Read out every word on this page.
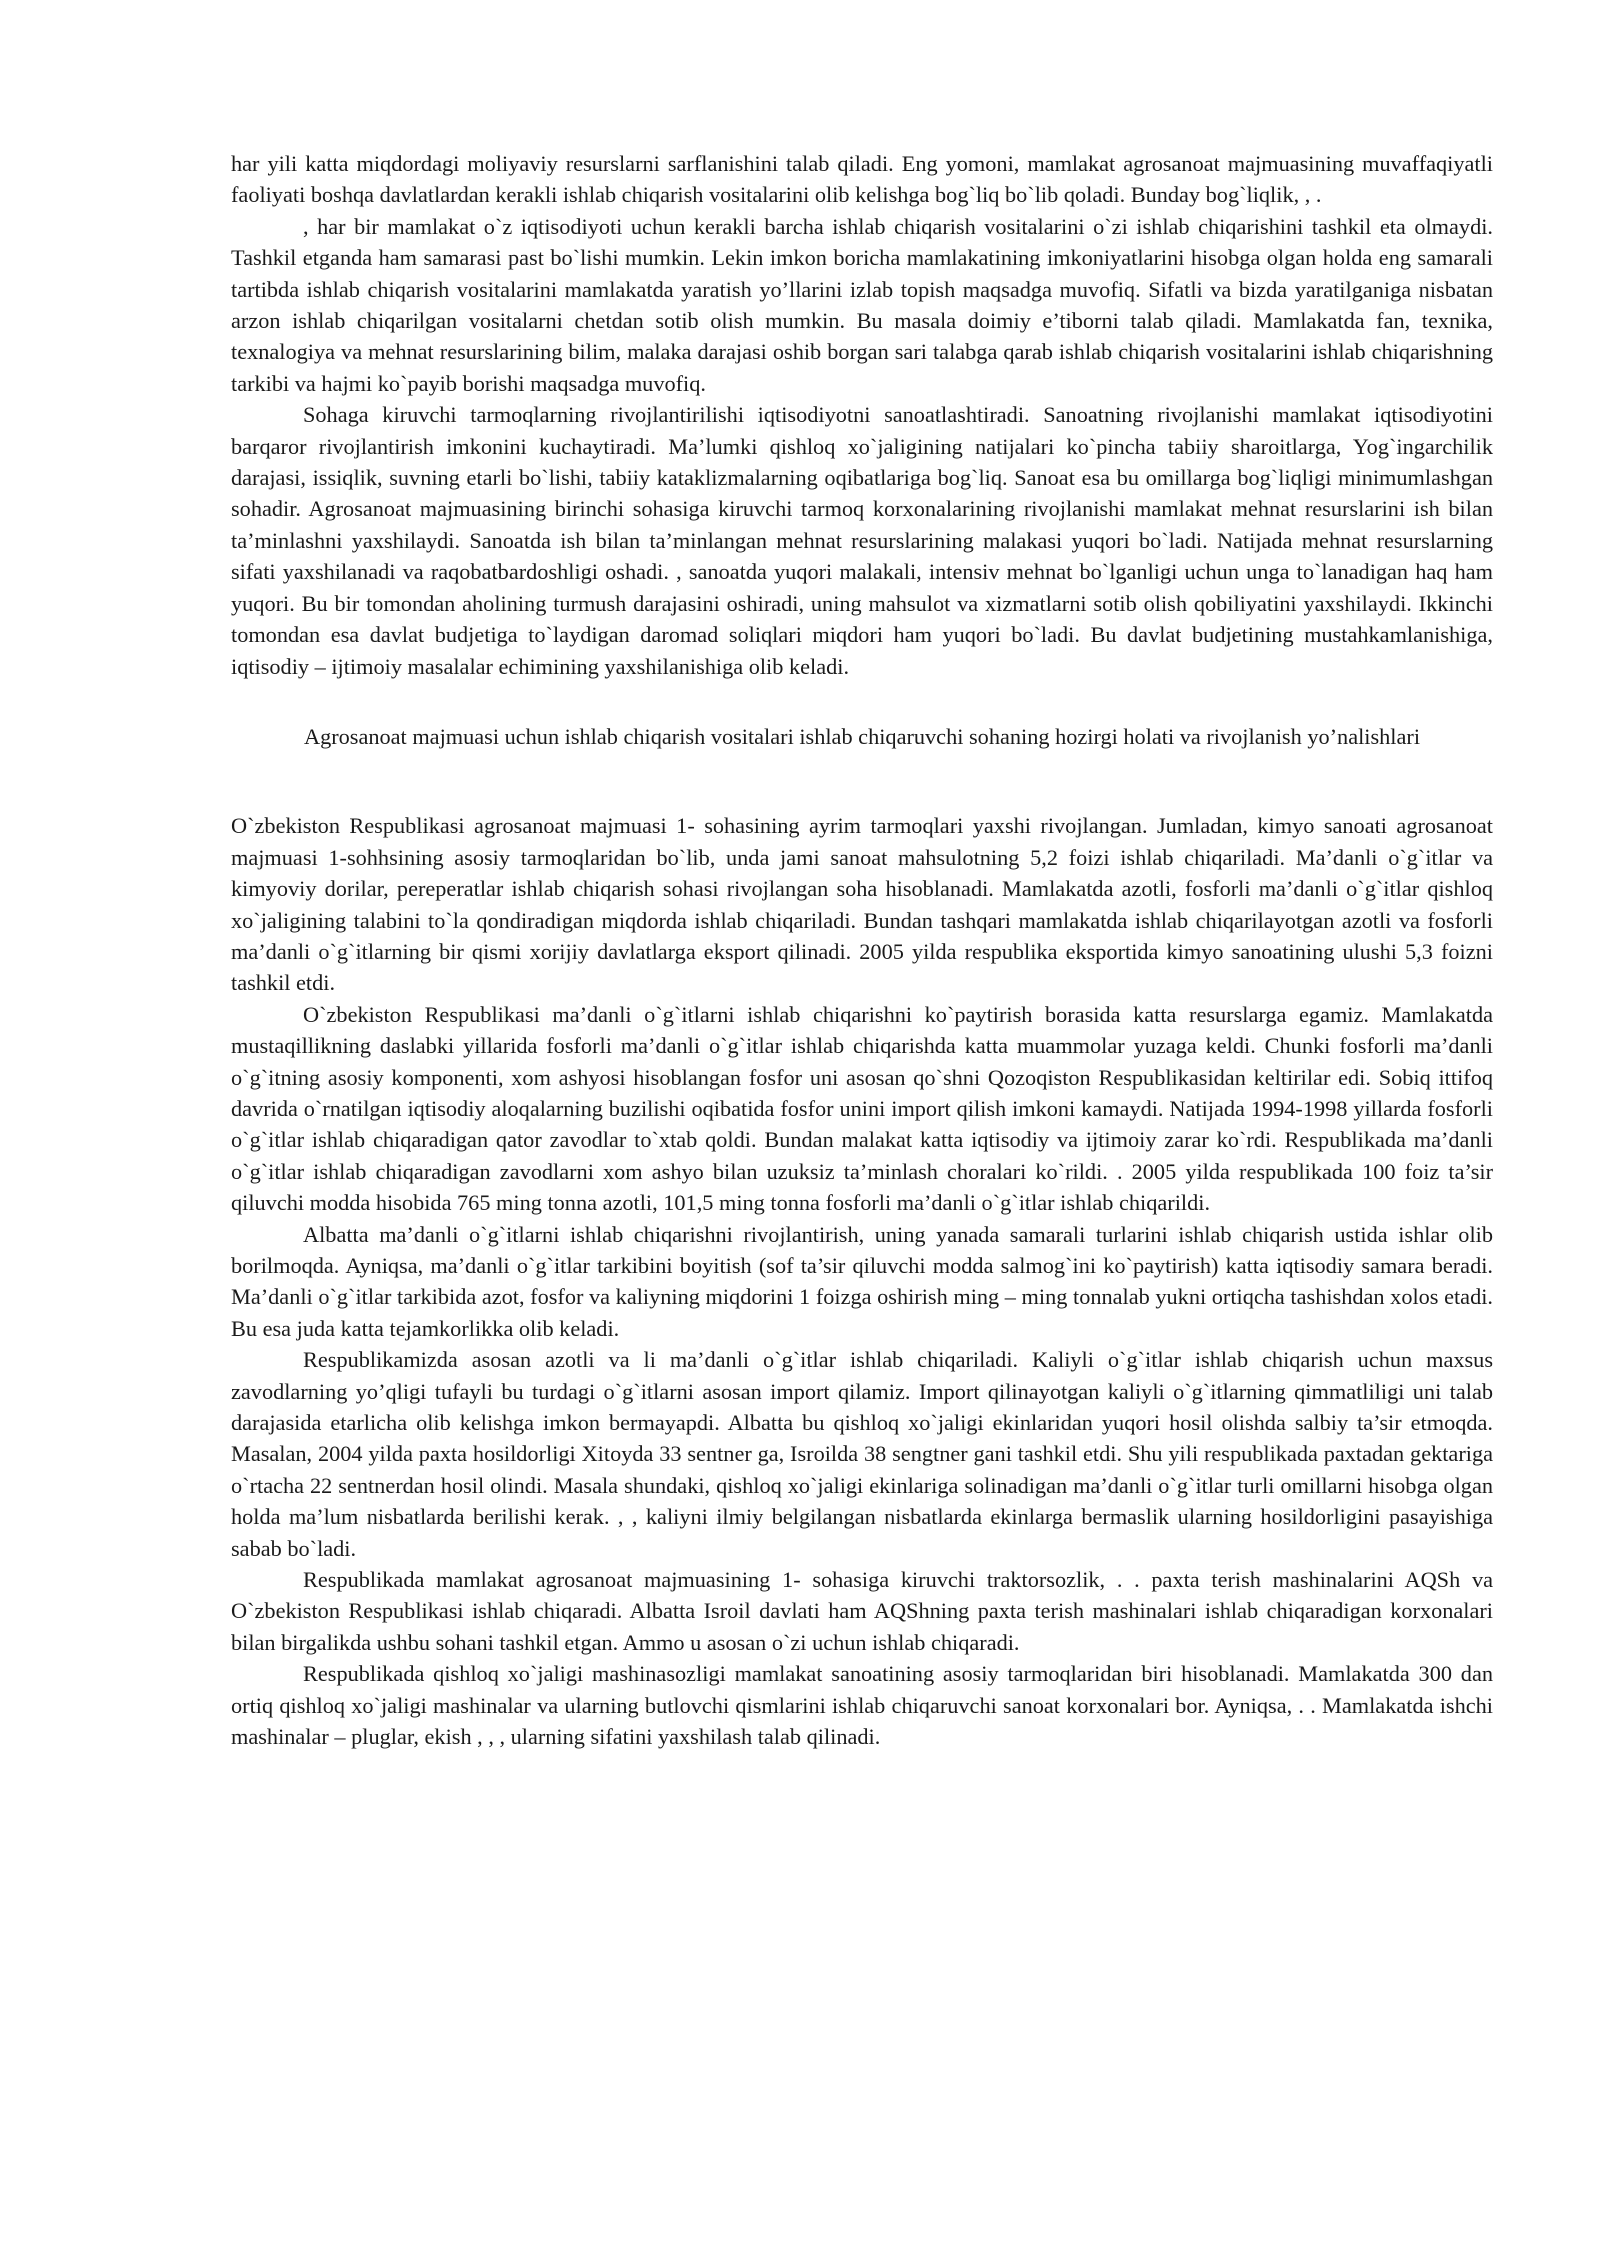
har yili katta miqdordagi moliyaviy resurslarni sarflanishini talab qiladi. Eng yomoni, mamlakat agrosanoat majmuasining muvaffaqiyatli faoliyati boshqa davlatlardan kerakli ishlab chiqarish vositalarini olib kelishga bog`liq bo`lib qoladi. Bunday bog`liqlik, , .

, har bir mamlakat o`z iqtisodiyoti uchun kerakli barcha ishlab chiqarish vositalarini o`zi ishlab chiqarishini tashkil eta olmaydi. Tashkil etganda ham samarasi past bo`lishi mumkin. Lekin imkon boricha mamlakatining imkoniyatlarini hisobga olgan holda eng samarali tartibda ishlab chiqarish vositalarini mamlakatda yaratish yo’llarini izlab topish maqsadga muvofiq. Sifatli va bizda yaratilganiga nisbatan arzon ishlab chiqarilgan vositalarni chetdan sotib olish mumkin. Bu masala doimiy e’tiborni talab qiladi. Mamlakatda fan, texnika, texnalogiya va mehnat resurslarining bilim, malaka darajasi oshib borgan sari talabga qarab ishlab chiqarish vositalarini ishlab chiqarishning tarkibi va hajmi ko`payib borishi maqsadga muvofiq.

Sohaga kiruvchi tarmoqlarning rivojlantirilishi iqtisodiyotni sanoatlashtiradi. Sanoatning rivojlanishi mamlakat iqtisodiyotini barqaror rivojlantirish imkonini kuchaytiradi. Ma’lumki qishloq xo`jaligining natijalari ko`pincha tabiiy sharoitlarga, Yog`ingarchilik darajasi, issiqlik, suvning etarli bo`lishi, tabiiy kataklizmalarning oqibatlariga bog`liq. Sanoat esa bu omillarga bog`liqligi minimumlashgan sohadir. Agrosanoat majmuasining birinchi sohasiga kiruvchi tarmoq korxonalarining rivojlanishi mamlakat mehnat resurslarini ish bilan ta’minlashni yaxshilaydi. Sanoatda ish bilan ta’minlangan mehnat resurslarining malakasi yuqori bo`ladi. Natijada mehnat resurslarning sifati yaxshilanadi va raqobatbardoshligi oshadi. , sanoatda yuqori malakali, intensiv mehnat bo`lganligi uchun unga to`lanadigan haq ham yuqori. Bu bir tomondan aholining turmush darajasini oshiradi, uning mahsulot va xizmatlarni sotib olish qobiliyatini yaxshilaydi. Ikkinchi tomondan esa davlat budjetiga to`laydigan daromad soliqlari miqdori ham yuqori bo`ladi. Bu davlat budjetining mustahkamlanishiga, iqtisodiy – ijtimoiy masalalar echimining yaxshilanishiga olib keladi.

Agrosanoat majmuasi uchun ishlab chiqarish vositalari ishlab chiqaruvchi sohaning hozirgi holati va rivojlanish yo’nalishlari

O`zbekiston Respublikasi agrosanoat majmuasi 1- sohasining ayrim tarmoqlari yaxshi rivojlangan. Jumladan, kimyo sanoati agrosanoat majmuasi 1-sohhsining asosiy tarmoqlaridan bo`lib, unda jami sanoat mahsulotning 5,2 foizi ishlab chiqariladi. Ma’danli o`g`itlar va kimyoviy dorilar, pereperatlar ishlab chiqarish sohasi rivojlangan soha hisoblanadi. Mamlakatda azotli, fosforli ma’danli o`g`itlar qishloq xo`jaligining talabini to`la qondiradigan miqdorda ishlab chiqariladi. Bundan tashqari mamlakatda ishlab chiqarilayotgan azotli va fosforli ma’danli o`g`itlarning bir qismi xorijiy davlatlarga eksport qilinadi. 2005 yilda respublika eksportida kimyo sanoatining ulushi 5,3 foizni tashkil etdi.

O`zbekiston Respublikasi ma’danli o`g`itlarni ishlab chiqarishni ko`paytirish borasida katta resurslarga egamiz. Mamlakatda mustaqillikning daslabki yillarida fosforli ma’danli o`g`itlar ishlab chiqarishda katta muammolar yuzaga keldi. Chunki fosforli ma’danli o`g`itning asosiy komponenti, xom ashyosi hisoblangan fosfor uni asosan qo`shni Qozoqiston Respublikasidan keltirilar edi. Sobiq ittifoq davrida o`rnatilgan iqtisodiy aloqalarning buzilishi oqibatida fosfor unini import qilish imkoni kamaydi. Natijada 1994-1998 yillarda fosforli o`g`itlar ishlab chiqaradigan qator zavodlar to`xtab qoldi. Bundan malakat katta iqtisodiy va ijtimoiy zarar ko`rdi. Respublikada ma’danli o`g`itlar ishlab chiqaradigan zavodlarni xom ashyo bilan uzuksiz ta’minlash choralari ko`rildi. . 2005 yilda respublikada 100 foiz ta’sir qiluvchi modda hisobida 765 ming tonna azotli, 101,5 ming tonna fosforli ma’danli o`g`itlar ishlab chiqarildi.

Albatta ma’danli o`g`itlarni ishlab chiqarishni rivojlantirish, uning yanada samarali turlarini ishlab chiqarish ustida ishlar olib borilmoqda. Ayniqsa, ma’danli o`g`itlar tarkibini boyitish (sof ta’sir qiluvchi modda salmog`ini ko`paytirish) katta iqtisodiy samara beradi. Ma’danli o`g`itlar tarkibida azot, fosfor va kaliyning miqdorini 1 foizga oshirish ming – ming tonnalab yukni ortiqcha tashishdan xolos etadi. Bu esa juda katta tejamkorlikka olib keladi.

Respublikamizda asosan azotli va li ma’danli o`g`itlar ishlab chiqariladi. Kaliyli o`g`itlar ishlab chiqarish uchun maxsus zavodlarning yo’qligi tufayli bu turdagi o`g`itlarni asosan import qilamiz. Import qilinayotgan kaliyli o`g`itlarning qimmatliligi uni talab darajasida etarlicha olib kelishga imkon bermayapdi. Albatta bu qishloq xo`jaligi ekinlaridan yuqori hosil olishda salbiy ta’sir etmoqda. Masalan, 2004 yilda paxta hosildorligi Xitoyda 33 sentner ga, Isroilda 38 sengtner gani tashkil etdi. Shu yili respublikada paxtadan gektariga o`rtacha 22 sentnerdan hosil olindi. Masala shundaki, qishloq xo`jaligi ekinlariga solinadigan ma’danli o`g`itlar turli omillarni hisobga olgan holda ma’lum nisbatlarda berilishi kerak. , , kaliyni ilmiy belgilangan nisbatlarda ekinlarga bermaslik ularning hosildorligini pasayishiga sabab bo`ladi.

Respublikada mamlakat agrosanoat majmuasining 1- sohasiga kiruvchi traktorsozlik, . . paxta terish mashinalarini AQSh va O`zbekiston Respublikasi ishlab chiqaradi. Albatta Isroil davlati ham AQShning paxta terish mashinalari ishlab chiqaradigan korxonalari bilan birgalikda ushbu sohani tashkil etgan. Ammo u asosan o`zi uchun ishlab chiqaradi.

Respublikada qishloq xo`jaligi mashinasozligi mamlakat sanoatining asosiy tarmoqlaridan biri hisoblanadi. Mamlakatda 300 dan ortiq qishloq xo`jaligi mashinalar va ularning butlovchi qismlarini ishlab chiqaruvchi sanoat korxonalari bor. Ayniqsa, . . Mamlakatda ishchi mashinalar – pluglar, ekish , , , ularning sifatini yaxshilash talab qilinadi.
